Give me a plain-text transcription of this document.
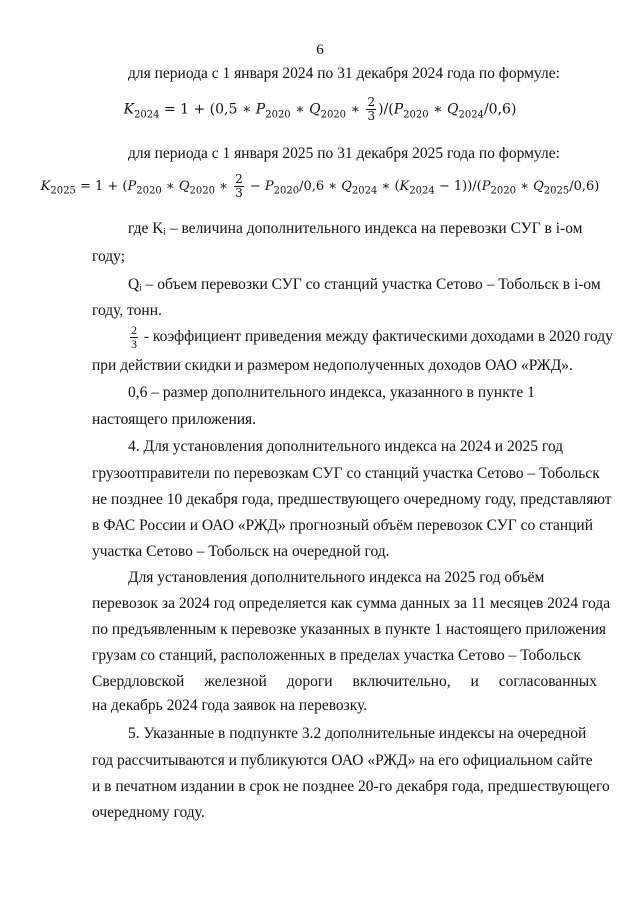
6
для периода с 1 января 2024 по 31 декабря 2024 года по формуле:
$K_{2024} = 1 + (0,5$ ∗ $P_{2020}$ ∗ $Q_{2020}$ ∗ $\frac{2}{3} )/(P_{2020}$ ∗ $Q_{2024}/0,6$)
для периода с 1 января 2025 по 31 декабря 2025 года по формуле:
$K_{2025} = 1 + (P_{2020}$ ∗ $Q_{2020}$ ∗ $\frac{2}{3} - P_{2020}/0,6$ ∗ $Q_{2024}$ ∗ $(K_{2024} - 1))/(P_{2020}$ ∗ $Q_{2025}/0,6$)
где Kᵢ – величина дополнительного индекса на перевозки СУГ в i-ом
году;
Qᵢ – объем перевозки СУГ со станций участка Сетово – Тобольск в i-ом
году, тонн.
$\frac{2}{3}$ - коэффициент приведения между фактическими доходами в 2020 году
при действии скидки и размером недополученных доходов ОАО «РЖД».
0,6 – размер дополнительного индекса, указанного в пункте 1
настоящего приложения.
4. Для установления дополнительного индекса на 2024 и 2025 год
грузоотправители по перевозкам СУГ со станций участка Сетово – Тобольск
не позднее 10 декабря года, предшествующего очередному году, представляют
в ФАС России и ОАО «РЖД» прогнозный объём перевозок СУГ со станций
участка Сетово – Тобольск на очередной год.
Для установления дополнительного индекса на 2025 год объём
перевозок за 2024 год определяется как сумма данных за 11 месяцев 2024 года
по предъявленным к перевозке указанных в пункте 1 настоящего приложения
грузам со станций, расположенных в пределах участка Сетово – Тобольск
Свердловской железной дороги включительно, и согласованных
на декабрь 2024 года заявок на перевозку.
5. Указанные в подпункте 3.2 дополнительные индексы на очередной
год рассчитываются и публикуются ОАО «РЖД» на его официальном сайте
и в печатном издании в срок не позднее 20-го декабря года, предшествующего
очередному году.
